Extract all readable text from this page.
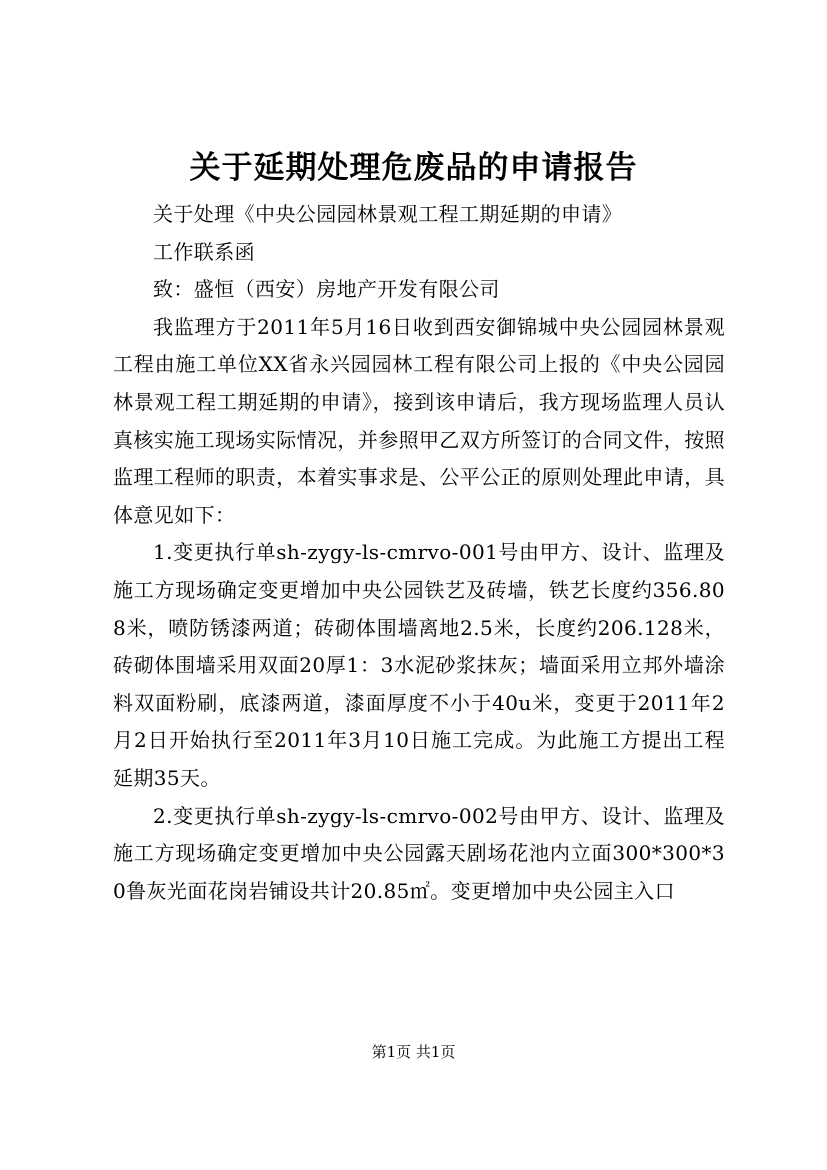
关于延期处理危废品的申请报告

关于处理《中央公园园林景观工程工期延期的申请》

工作联系函

致：盛恒（西安）房地产开发有限公司

我监理方于2011年5月16日收到西安御锦城中央公园园林景观工程由施工单位XX省永兴园园林工程有限公司上报的《中央公园园林景观工程工期延期的申请》，接到该申请后，我方现场监理人员认真核实施工现场实际情况，并参照甲乙双方所签订的合同文件，按照监理工程师的职责，本着实事求是、公平公正的原则处理此申请，具体意见如下：

1.变更执行单sh-zygy-ls-cmrvo-001号由甲方、设计、监理及施工方现场确定变更增加中央公园铁艺及砖墙，铁艺长度约356.808米，喷防锈漆两道；砖砌体围墙离地2.5米，长度约206.128米，砖砌体围墙采用双面20厚1：3水泥砂浆抹灰；墙面采用立邦外墙涂料双面粉刷，底漆两道，漆面厚度不小于40u米，变更于2011年2月2日开始执行至2011年3月10日施工完成。为此施工方提出工程延期35天。

2.变更执行单sh-zygy-ls-cmrvo-002号由甲方、设计、监理及施工方现场确定变更增加中央公园露天剧场花池内立面300*300*30鲁灰光面花岗岩铺设共计20.85㎡。变更增加中央公园主入口

第1页 共1页
